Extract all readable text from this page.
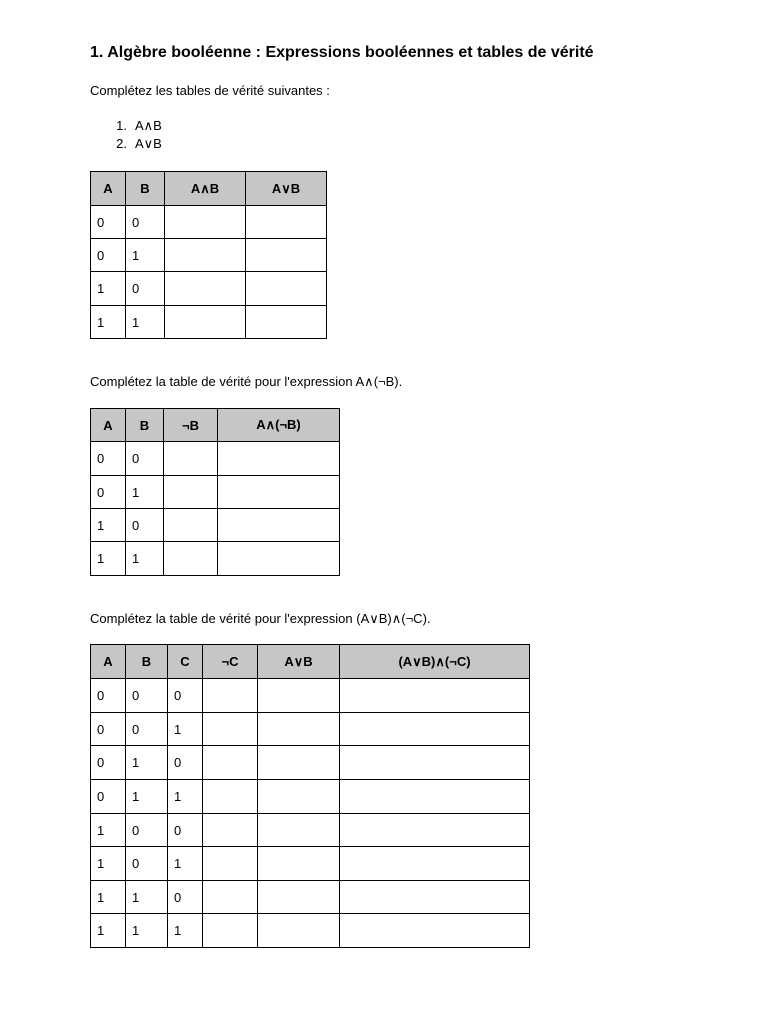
1. Algèbre booléenne : Expressions booléennes et tables de vérité
Complétez les tables de vérité suivantes :
1. A∧B
2. A∨B
A	B	A∧B	A∨B
0	0		
0	1		
1	0		
1	1		
Complétez la table de vérité pour l'expression A∧(¬B).
A	B	¬B	A∧(¬B)
0	0		
0	1		
1	0		
1	1		
Complétez la table de vérité pour l'expression (A∨B)∧(¬C).
A	B	C	¬C	A∨B	(A∨B)∧(¬C)
0	0	0			
0	0	1			
0	1	0			
0	1	1			
1	0	0			
1	0	1			
1	1	0			
1	1	1			
